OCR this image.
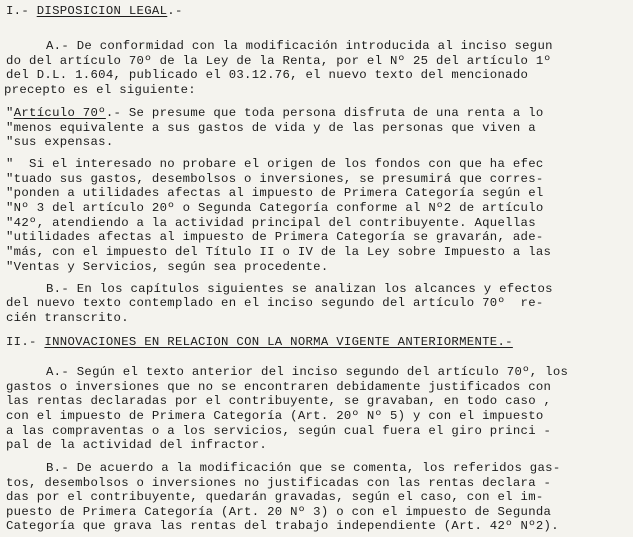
I.- DISPOSICION LEGAL.-
A.- De conformidad con la modificación introducida al inciso segun
do del artículo 70º de la Ley de la Renta, por el Nº 25 del artículo 1º
del D.L. 1.604, publicado el 03.12.76, el nuevo texto del mencionado
precepto es el siguiente:
"Artículo 70º.- Se presume que toda persona disfruta de una renta a lo
"menos equivalente a sus gastos de vida y de las personas que viven a
"sus expensas.
"  Si el interesado no probare el origen de los fondos con que ha efec
"tuado sus gastos, desembolsos o inversiones, se presumirá que corres-
"ponden a utilidades afectas al impuesto de Primera Categoría según el
"Nº 3 del artículo 20º o Segunda Categoría conforme al Nº2 de artículo
"42º, atendiendo a la actividad principal del contribuyente. Aquellas
"utilidades afectas al impuesto de Primera Categoría se gravarán, ade-
"más, con el impuesto del Título II o IV de la Ley sobre Impuesto a las
"Ventas y Servicios, según sea procedente.
B.- En los capítulos siguientes se analizan los alcances y efectos
del nuevo texto contemplado en el inciso segundo del artículo 70º  re-
cién transcrito.
II.- INNOVACIONES EN RELACION CON LA NORMA VIGENTE ANTERIORMENTE.-
A.- Según el texto anterior del inciso segundo del artículo 70º, los
gastos o inversiones que no se encontraren debidamente justificados con
las rentas declaradas por el contribuyente, se gravaban, en todo caso ,
con el impuesto de Primera Categoría (Art. 20º Nº 5) y con el impuesto
a las compraventas o a los servicios, según cual fuera el giro princi -
pal de la actividad del infractor.
B.- De acuerdo a la modificación que se comenta, los referidos gas-
tos, desembolsos o inversiones no justificadas con las rentas declara -
das por el contribuyente, quedarán gravadas, según el caso, con el im-
puesto de Primera Categoría (Art. 20 Nº 3) o con el impuesto de Segunda
Categoría que grava las rentas del trabajo independiente (Art. 42º Nº2).
